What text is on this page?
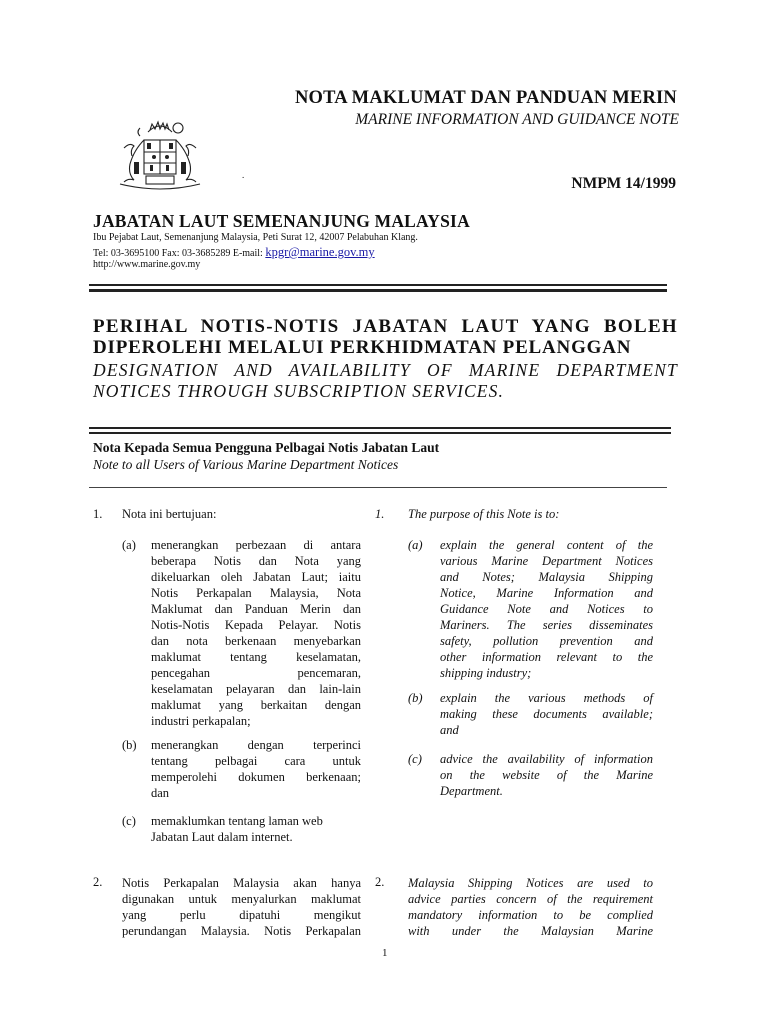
NOTA MAKLUMAT DAN PANDUAN MERIN
MARINE INFORMATION AND GUIDANCE NOTE
.	NMPM 14/1999
JABATAN LAUT SEMENANJUNG MALAYSIA
Ibu Pejabat Laut, Semenanjung Malaysia, Peti Surat 12, 42007 Pelabuhan Klang.
Tel: 03-3695100 Fax: 03-3685289 E-mail: kpgr@marine.gov.my
http://www.marine.gov.my
PERIHAL NOTIS-NOTIS JABATAN LAUT YANG BOLEH
DIPEROLEHI MELALUI PERKHIDMATAN PELANGGAN
DESIGNATION AND AVAILABILITY OF MARINE DEPARTMENT
NOTICES THROUGH SUBSCRIPTION SERVICES.
Nota Kepada Semua Pengguna Pelbagai Notis Jabatan Laut
Note to all Users of Various Marine Department Notices
1. Nota ini bertujuan:
(a) menerangkan perbezaan di antara
beberapa Notis dan Nota yang
dikeluarkan oleh Jabatan Laut; iaitu
Notis Perkapalan Malaysia, Nota
Maklumat dan Panduan Merin dan
Notis-Notis Kepada Pelayar. Notis
dan nota berkenaan menyebarkan
maklumat tentang keselamatan,
pencegahan pencemaran,
keselamatan pelayaran dan lain-lain
maklumat yang berkaitan dengan
industri perkapalan;
(b) menerangkan dengan terperinci
tentang pelbagai cara untuk
memperolehi dokumen berkenaan;
dan
(c) memaklumkan tentang laman web
Jabatan Laut dalam internet.
2. Notis Perkapalan Malaysia akan hanya
digunakan untuk menyalurkan maklumat
yang perlu dipatuhi mengikut
perundangan Malaysia. Notis Perkapalan
1. The purpose of this Note is to:
(a) explain the general content of the
various Marine Department Notices
and Notes; Malaysia Shipping
Notice, Marine Information and
Guidance Note and Notices to
Mariners. The series disseminates
safety, pollution prevention and
other information relevant to the
shipping industry;
(b) explain the various methods of
making these documents available;
and
(c) advice the availability of information
on the website of the Marine
Department.
2. Malaysia Shipping Notices are used to
advice parties concern of the requirement
mandatory information to be complied
with under the Malaysian Marine
1
